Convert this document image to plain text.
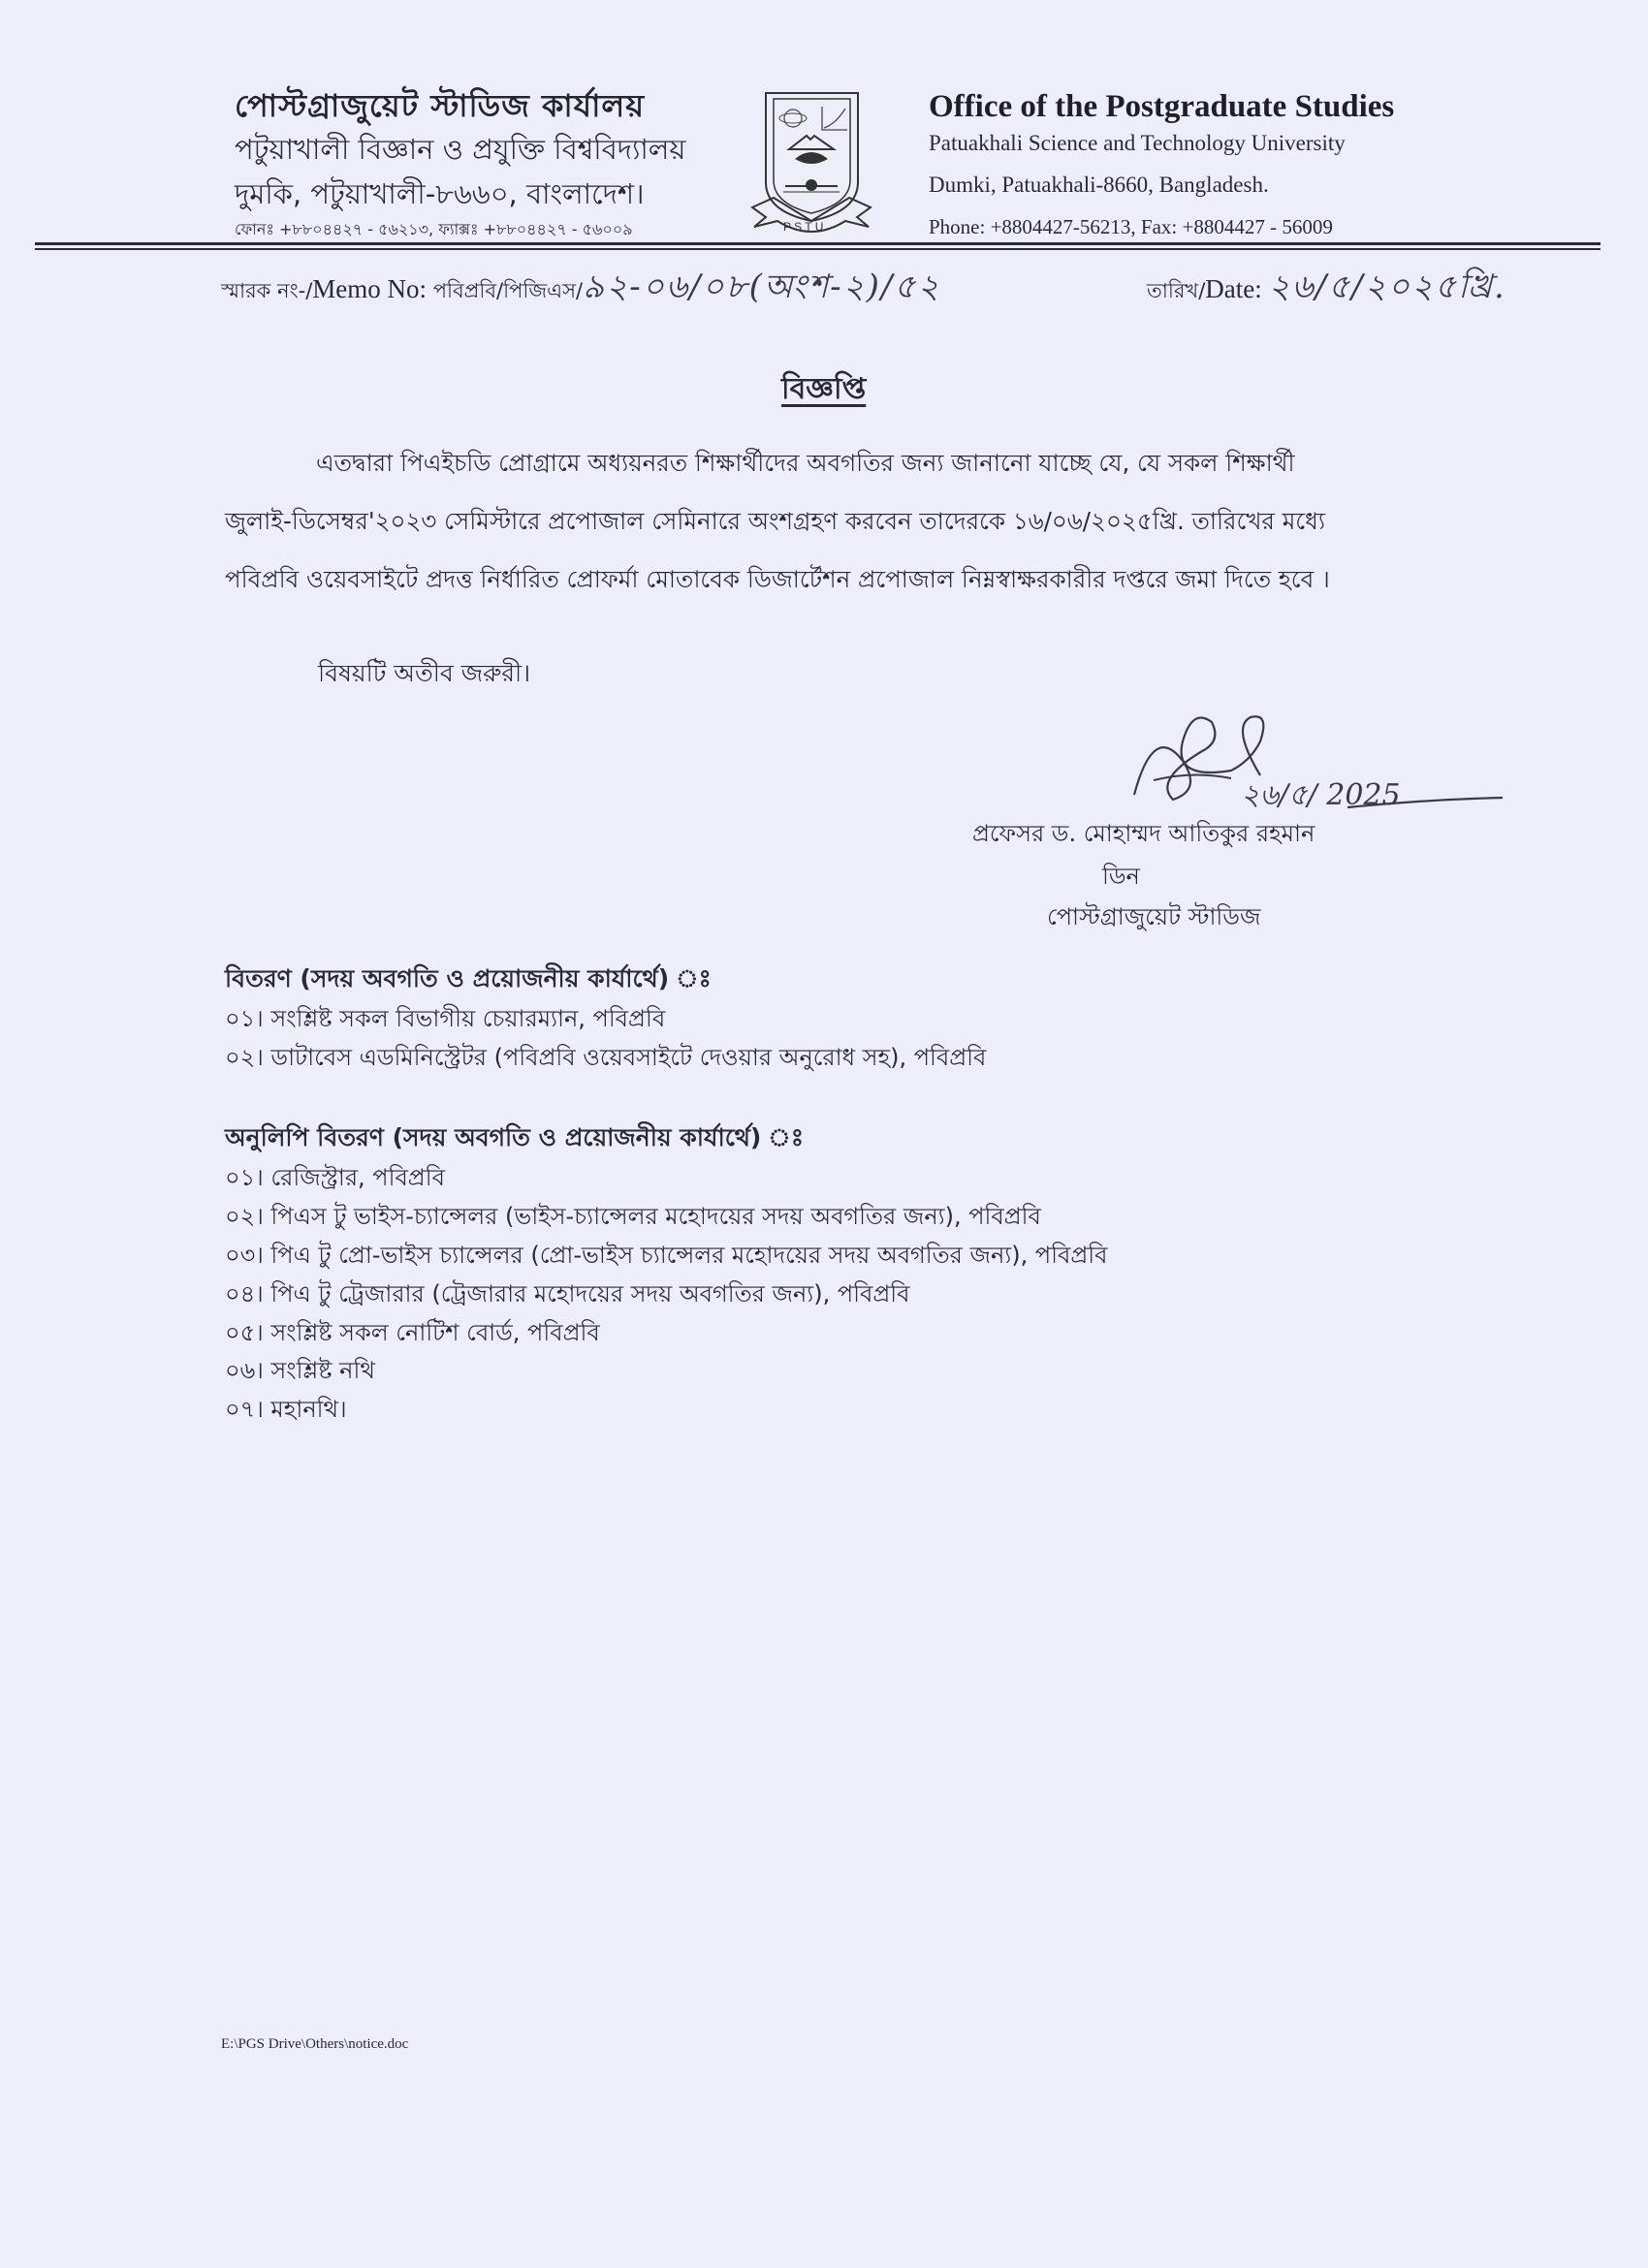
পোস্টগ্রাজুয়েট স্টাডিজ কার্যালয়
পটুয়াখালী বিজ্ঞান ও প্রযুক্তি বিশ্ববিদ্যালয়
দুমকি, পটুয়াখালী-৮৬৬০, বাংলাদেশ।
ফোনঃ +৮৮০৪৪২৭ - ৫৬২১৩, ফ্যাক্সঃ +৮৮০৪৪২৭ - ৫৬০০৯	P S T U
Office of the Postgraduate Studies
Patuakhali Science and Technology University
Dumki, Patuakhali-8660, Bangladesh.
Phone: +8804427-56213, Fax: +8804427 - 56009
স্মারক নং-/Memo No: পবিপ্রবি/পিজিএস/৯২-০৬/০৮(অংশ-২)/৫২	তারিখ/Date: ২৬/৫/২০২৫খ্রি.
বিজ্ঞপ্তি
এতদ্বারা পিএইচডি প্রোগ্রামে অধ্যয়নরত শিক্ষার্থীদের অবগতির জন্য জানানো যাচ্ছে যে, যে সকল শিক্ষার্থী
জুলাই-ডিসেম্বর'২০২৩ সেমিস্টারে প্রপোজাল সেমিনারে অংশগ্রহণ করবেন তাদেরকে ১৬/০৬/২০২৫খ্রি. তারিখের মধ্যে
পবিপ্রবি ওয়েবসাইটে প্রদত্ত নির্ধারিত প্রোফর্মা মোতাবেক ডিজার্টেশন প্রপোজাল নিম্নস্বাক্ষরকারীর দপ্তরে জমা দিতে হবে ।
বিষয়টি অতীব জরুরী।
২৬/৫/ 2025
প্রফেসর ড. মোহাম্মদ আতিকুর রহমান
ডিন
পোস্টগ্রাজুয়েট স্টাডিজ
বিতরণ (সদয় অবগতি ও প্রয়োজনীয় কার্যার্থে) ঃ
০১। সংশ্লিষ্ট সকল বিভাগীয় চেয়ারম্যান, পবিপ্রবি
০২। ডাটাবেস এডমিনিস্ট্রেটর (পবিপ্রবি ওয়েবসাইটে দেওয়ার অনুরোধ সহ), পবিপ্রবি
অনুলিপি বিতরণ (সদয় অবগতি ও প্রয়োজনীয় কার্যার্থে) ঃ
০১। রেজিস্ট্রার, পবিপ্রবি
০২। পিএস টু ভাইস-চ্যান্সেলর (ভাইস-চ্যান্সেলর মহোদয়ের সদয় অবগতির জন্য), পবিপ্রবি
০৩। পিএ টু প্রো-ভাইস চ্যান্সেলর (প্রো-ভাইস চ্যান্সেলর মহোদয়ের সদয় অবগতির জন্য), পবিপ্রবি
০৪। পিএ টু ট্রেজারার (ট্রেজারার মহোদয়ের সদয় অবগতির জন্য), পবিপ্রবি
০৫। সংশ্লিষ্ট সকল নোটিশ বোর্ড, পবিপ্রবি
০৬। সংশ্লিষ্ট নথি
০৭। মহানথি।
E:\PGS Drive\Others\notice.doc
